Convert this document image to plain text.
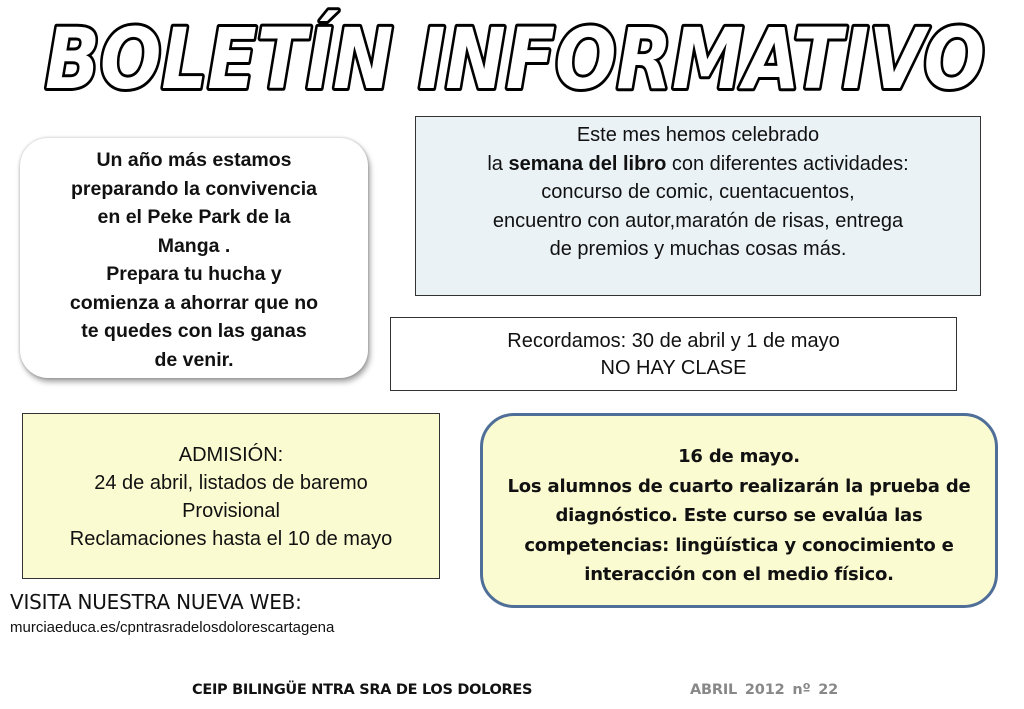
BOLETÍN INFORMATIVO
Un año más estamos
preparando la convivencia
en el Peke Park de la
Manga .
Prepara tu hucha y
comienza a ahorrar que no
te quedes con las ganas
de venir.
Este mes hemos celebrado
la semana del libro con diferentes actividades:
concurso de comic, cuentacuentos,
encuentro con autor,maratón de risas, entrega
de premios y muchas cosas más.
Recordamos: 30 de abril y 1 de mayo
NO HAY CLASE
ADMISIÓN:
24 de abril, listados de baremo
Provisional
Reclamaciones hasta el 10 de mayo
16 de mayo.
Los alumnos de cuarto realizarán la prueba de
diagnóstico. Este curso se evalúa las
competencias: lingüística y conocimiento e
interacción con el medio físico.
VISITA NUESTRA NUEVA WEB:
murciaeduca.es/cpntrasradelosdolorescartagena
CEIP BILINGÜE NTRA SRA DE LOS DOLORES	ABRIL 2012 nº 22
